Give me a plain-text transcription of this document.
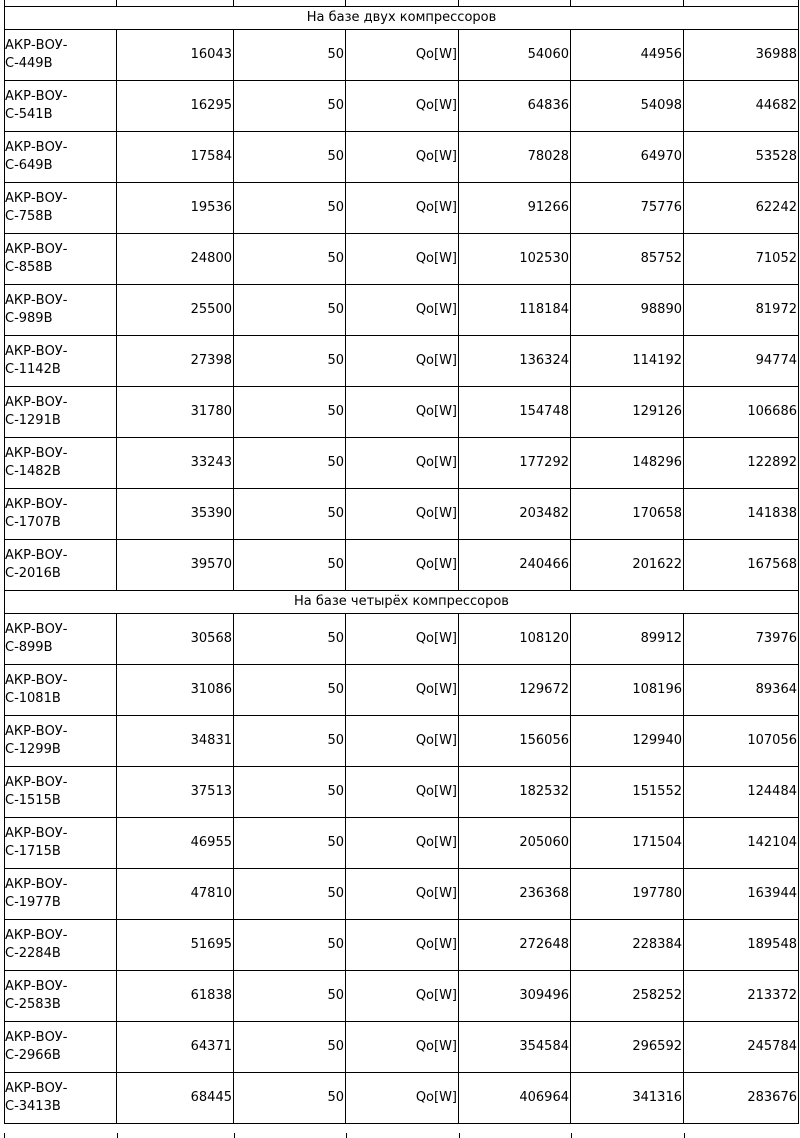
На базе двух компрессоров						
АКР-ВОУ-
С-449В	16043	50	Qo[W]	54060	44956	36988
АКР-ВОУ-
С-541В	16295	50	Qo[W]	64836	54098	44682
АКР-ВОУ-
С-649В	17584	50	Qo[W]	78028	64970	53528
АКР-ВОУ-
С-758В	19536	50	Qo[W]	91266	75776	62242
АКР-ВОУ-
С-858В	24800	50	Qo[W]	102530	85752	71052
АКР-ВОУ-
С-989В	25500	50	Qo[W]	118184	98890	81972
АКР-ВОУ-
С-1142В	27398	50	Qo[W]	136324	114192	94774
АКР-ВОУ-
С-1291В	31780	50	Qo[W]	154748	129126	106686
АКР-ВОУ-
С-1482В	33243	50	Qo[W]	177292	148296	122892
АКР-ВОУ-
С-1707В	35390	50	Qo[W]	203482	170658	141838
АКР-ВОУ-
С-2016В	39570	50	Qo[W]	240466	201622	167568
На базе четырёх компрессоров						
АКР-ВОУ-
С-899В	30568	50	Qo[W]	108120	89912	73976
АКР-ВОУ-
С-1081В	31086	50	Qo[W]	129672	108196	89364
АКР-ВОУ-
С-1299В	34831	50	Qo[W]	156056	129940	107056
АКР-ВОУ-
С-1515В	37513	50	Qo[W]	182532	151552	124484
АКР-ВОУ-
С-1715В	46955	50	Qo[W]	205060	171504	142104
АКР-ВОУ-
С-1977В	47810	50	Qo[W]	236368	197780	163944
АКР-ВОУ-
С-2284В	51695	50	Qo[W]	272648	228384	189548
АКР-ВОУ-
С-2583В	61838	50	Qo[W]	309496	258252	213372
АКР-ВОУ-
С-2966В	64371	50	Qo[W]	354584	296592	245784
АКР-ВОУ-
С-3413В	68445	50	Qo[W]	406964	341316	283676
